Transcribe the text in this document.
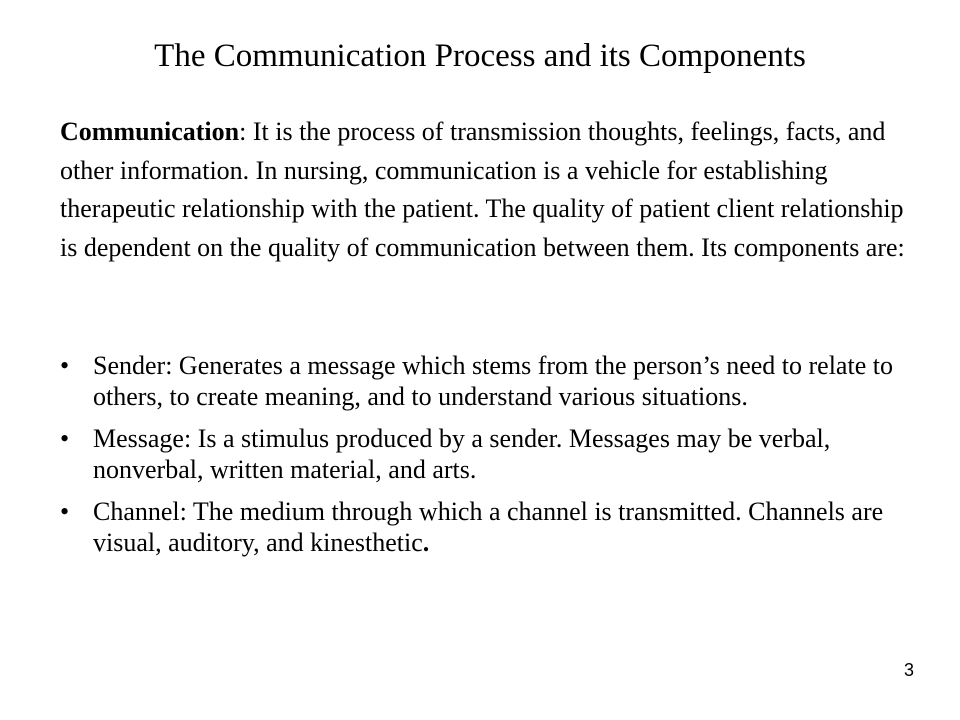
The Communication Process and its Components

Communication: It is the process of transmission thoughts, feelings, facts, and other information. In nursing, communication is a vehicle for establishing therapeutic relationship with the patient. The quality of patient client relationship is dependent on the quality of communication between them. Its components are:

• Sender: Generates a message which stems from the person’s need to relate to others, to create meaning, and to understand various situations.
• Message: Is a stimulus produced by a sender. Messages may be verbal, nonverbal, written material, and arts.
• Channel: The medium through which a channel is transmitted. Channels are visual, auditory, and kinesthetic.
3
